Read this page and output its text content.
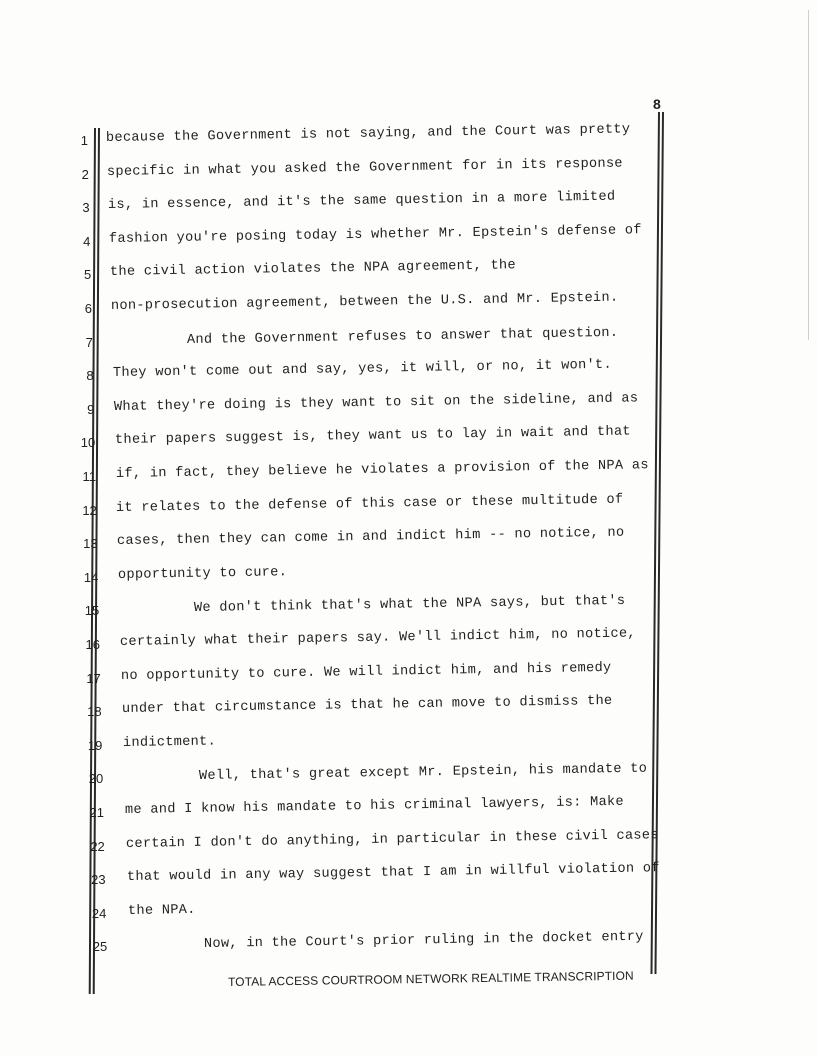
8
1 because the Government is not saying, and the Court was pretty
2 specific in what you asked the Government for in its response
3 is, in essence, and it's the same question in a more limited
4 fashion you're posing today is whether Mr. Epstein's defense of
5 the civil action violates the NPA agreement, the
6 non-prosecution agreement, between the U.S. and Mr. Epstein.
7	And the Government refuses to answer that question.
8 They won't come out and say, yes, it will, or no, it won't.
9 What they're doing is they want to sit on the sideline, and as
10 their papers suggest is, they want us to lay in wait and that
11 if, in fact, they believe he violates a provision of the NPA as
12 it relates to the defense of this case or these multitude of
13 cases, then they can come in and indict him -- no notice, no
14 opportunity to cure.
15	We don't think that's what the NPA says, but that's
16 certainly what their papers say. We'll indict him, no notice,
17 no opportunity to cure. We will indict him, and his remedy
18 under that circumstance is that he can move to dismiss the
19 indictment.
20	Well, that's great except Mr. Epstein, his mandate to
21 me and I know his mandate to his criminal lawyers, is: Make
22 certain I don't do anything, in particular in these civil cases
23 that would in any way suggest that I am in willful violation of
24 the NPA.
25	Now, in the Court's prior ruling in the docket entry
TOTAL ACCESS COURTROOM NETWORK REALTIME TRANSCRIPTION
